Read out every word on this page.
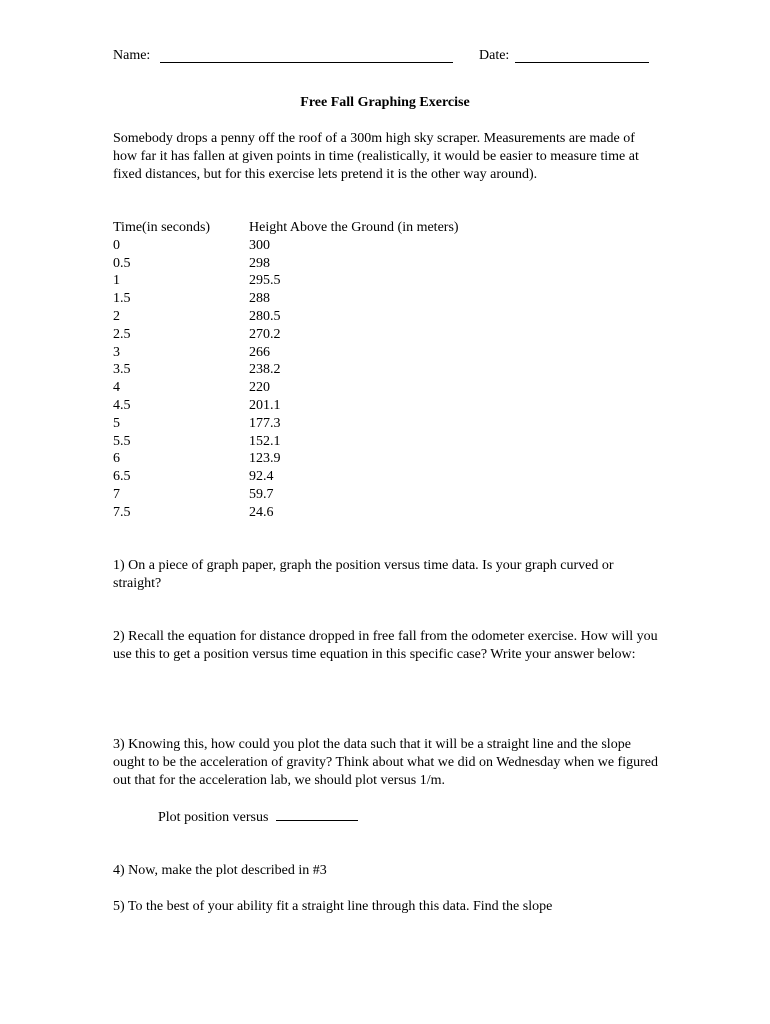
Name:	Date:
Free Fall Graphing Exercise

Somebody drops a penny off the roof of a 300m high sky scraper. Measurements are made of how far it has fallen at given points in time (realistically, it would be easier to measure time at fixed distances, but for this exercise lets pretend it is the other way around).

Time(in seconds)	Height Above the Ground (in meters)
0	300
0.5	298
1	295.5
1.5	288
2	280.5
2.5	270.2
3	266
3.5	238.2
4	220
4.5	201.1
5	177.3
5.5	152.1
6	123.9
6.5	92.4
7	59.7
7.5	24.6

1) On a piece of graph paper, graph the position versus time data. Is your graph curved or straight?

2) Recall the equation for distance dropped in free fall from the odometer exercise. How will you use this to get a position versus time equation in this specific case? Write your answer below:

3) Knowing this, how could you plot the data such that it will be a straight line and the slope ought to be the acceleration of gravity? Think about what we did on Wednesday when we figured out that for the acceleration lab, we should plot versus 1/m.

Plot position versus

4) Now, make the plot described in #3

5) To the best of your ability fit a straight line through this data. Find the slope
